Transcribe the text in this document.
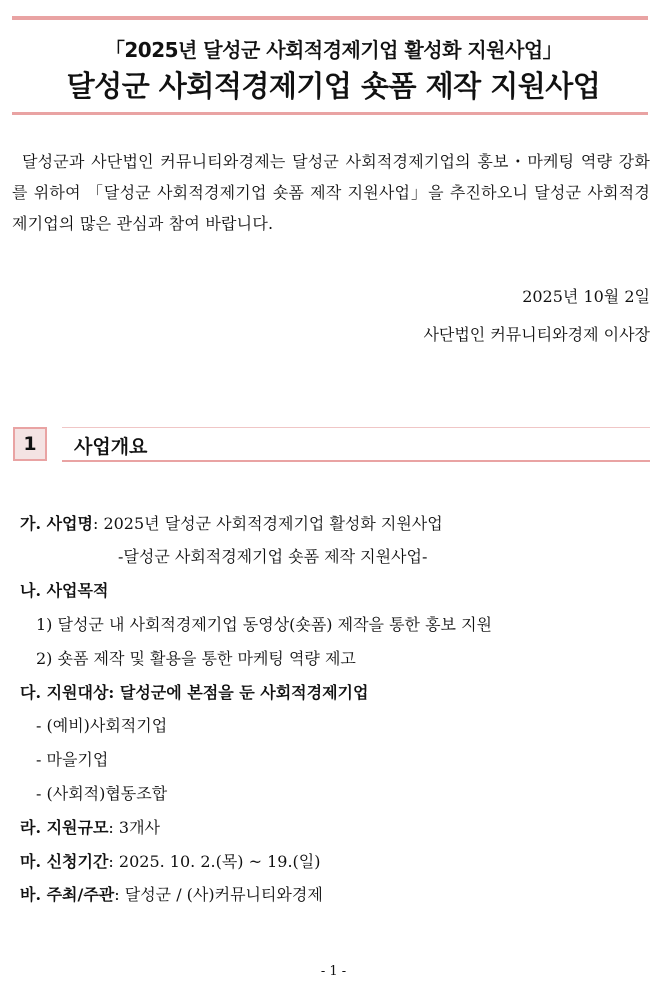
「2025년 달성군 사회적경제기업 활성화 지원사업」
달성군 사회적경제기업 숏폼 제작 지원사업
달성군과 사단법인 커뮤니티와경제는 달성군 사회적경제기업의 홍보・마케팅 역량 강화를 위하여 「달성군 사회적경제기업 숏폼 제작 지원사업」을 추진하오니 달성군 사회적경제기업의 많은 관심과 참여 바랍니다.
2025년 10월 2일
사단법인 커뮤니티와경제 이사장
1	사업개요
가. 사업명: 2025년 달성군 사회적경제기업 활성화 지원사업
-달성군 사회적경제기업 숏폼 제작 지원사업-
나. 사업목적
1) 달성군 내 사회적경제기업 동영상(숏폼) 제작을 통한 홍보 지원
2) 숏폼 제작 및 활용을 통한 마케팅 역량 제고
다. 지원대상: 달성군에 본점을 둔 사회적경제기업
- (예비)사회적기업
- 마을기업
- (사회적)협동조합
라. 지원규모: 3개사
마. 신청기간: 2025. 10. 2.(목) ~ 19.(일)
바. 주최/주관: 달성군 / (사)커뮤니티와경제
- 1 -
